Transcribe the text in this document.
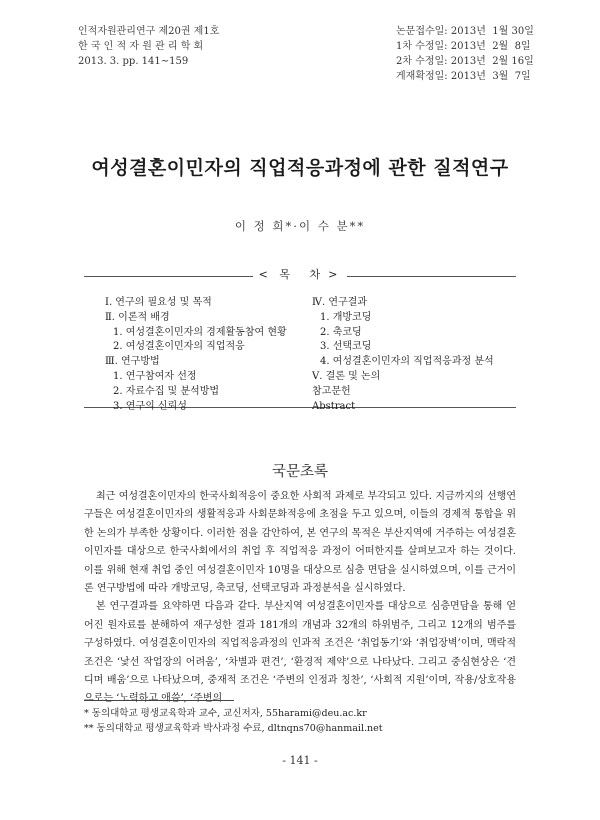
인적자원관리연구 제20권 제1호
한 국 인 적 자 원 관 리 학 회
2013. 3. pp. 141∼159
논문접수일: 2013년  1월 30일
1차 수정일: 2013년  2월  8일
2차 수정일: 2013년  2월 16일
게재확정일: 2013년  3월  7일
여성결혼이민자의 직업적응과정에 관한 질적연구
이 정 희*·이 수 분**
< 목 차>
Ⅰ. 연구의 필요성 및 목적
Ⅱ. 이론적 배경
1. 여성결혼이민자의 경제활동참여 현황
2. 여성결혼이민자의 직업적응
Ⅲ. 연구방법
1. 연구참여자 선정
2. 자료수집 및 분석방법
3. 연구의 신뢰성
Ⅳ. 연구결과
1. 개방코딩
2. 축코딩
3. 선택코딩
4. 여성결혼이민자의 직업적응과정 분석
Ⅴ. 결론 및 논의
참고문헌
Abstract
국문초록

최근 여성결혼이민자의 한국사회적응이 중요한 사회적 과제로 부각되고 있다. 지금까지의 선행연구들은 여성결혼이민자의 생활적응과 사회문화적응에 초점을 두고 있으며, 이들의 경제적 통합을 위한 논의가 부족한 상황이다. 이러한 점을 감안하여, 본 연구의 목적은 부산지역에 거주하는 여성결혼이민자를 대상으로 한국사회에서의 취업 후 직업적응 과정이 어떠한지를 살펴보고자 하는 것이다. 이를 위해 현재 취업 중인 여성결혼이민자 10명을 대상으로 심층 면담을 실시하였으며, 이를 근거이론 연구방법에 따라 개방코딩, 축코딩, 선택코딩과 과정분석을 실시하였다.

본 연구결과를 요약하면 다음과 같다. 부산지역 여성결혼이민자를 대상으로 심층면담을 통해 얻어진 원자료를 분해하여 재구성한 결과 181개의 개념과 32개의 하위범주, 그리고 12개의 범주를 구성하였다. 여성결혼이민자의 직업적응과정의 인과적 조건은 ‘취업동기’와 ‘취업장벽’이며, 맥락적 조건은 ‘낯선 작업장의 어려움’, ‘차별과 편견’, ‘환경적 제약’으로 나타났다. 그리고 중심현상은 ‘견디며 배움’으로 나타났으며, 중재적 조건은 ‘주변의 인정과 칭찬’, ‘사회적 지원’이며, 작용/상호작용으로는 ‘노력하고 애씀’, ‘주변의

* 동의대학교 평생교육학과 교수, 교신저자, 55harami@deu.ac.kr
** 동의대학교 평생교육학과 박사과정 수료, dltnqns70@hanmail.net
- 141 -
